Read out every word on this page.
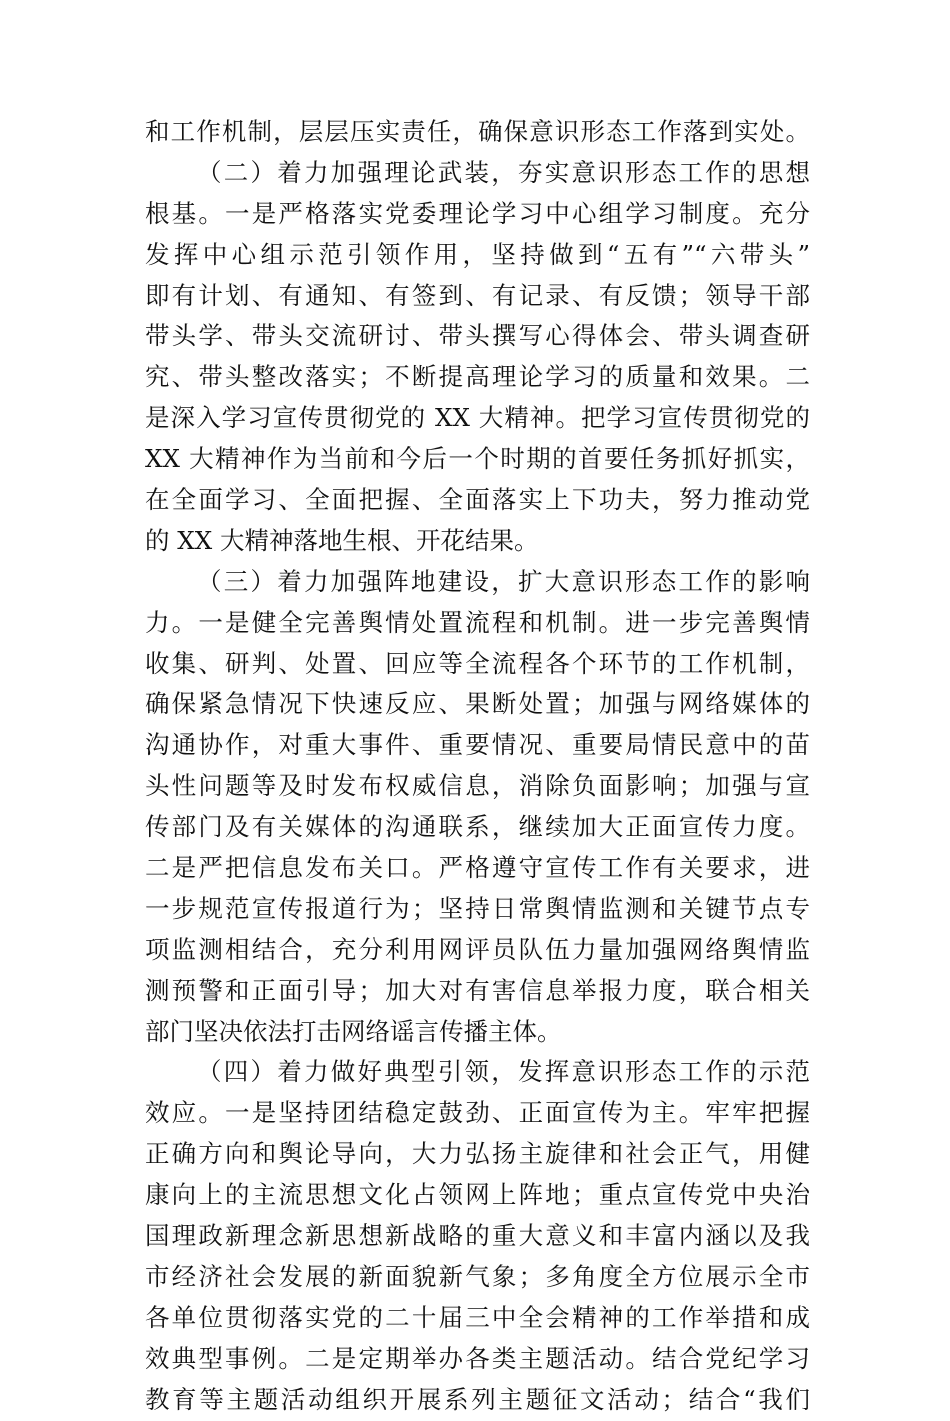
和工作机制，层层压实责任，确保意识形态工作落到实处。
（二）着力加强理论武装，夯实意识形态工作的思想
根基。一是严格落实党委理论学习中心组学习制度。充分
发挥中心组示范引领作用，坚持做到“五有”“六带头”
即有计划、有通知、有签到、有记录、有反馈；领导干部
带头学、带头交流研讨、带头撰写心得体会、带头调查研
究、带头整改落实；不断提高理论学习的质量和效果。二
是深入学习宣传贯彻党的 XX 大精神。把学习宣传贯彻党的
XX 大精神作为当前和今后一个时期的首要任务抓好抓实，
在全面学习、全面把握、全面落实上下功夫，努力推动党
的 XX 大精神落地生根、开花结果。
（三）着力加强阵地建设，扩大意识形态工作的影响
力。一是健全完善舆情处置流程和机制。进一步完善舆情
收集、研判、处置、回应等全流程各个环节的工作机制，
确保紧急情况下快速反应、果断处置；加强与网络媒体的
沟通协作，对重大事件、重要情况、重要局情民意中的苗
头性问题等及时发布权威信息，消除负面影响；加强与宣
传部门及有关媒体的沟通联系，继续加大正面宣传力度。
二是严把信息发布关口。严格遵守宣传工作有关要求，进
一步规范宣传报道行为；坚持日常舆情监测和关键节点专
项监测相结合，充分利用网评员队伍力量加强网络舆情监
测预警和正面引导；加大对有害信息举报力度，联合相关
部门坚决依法打击网络谣言传播主体。
（四）着力做好典型引领，发挥意识形态工作的示范
效应。一是坚持团结稳定鼓劲、正面宣传为主。牢牢把握
正确方向和舆论导向，大力弘扬主旋律和社会正气，用健
康向上的主流思想文化占领网上阵地；重点宣传党中央治
国理政新理念新思想新战略的重大意义和丰富内涵以及我
市经济社会发展的新面貌新气象；多角度全方位展示全市
各单位贯彻落实党的二十届三中全会精神的工作举措和成
效典型事例。二是定期举办各类主题活动。结合党纪学习
教育等主题活动组织开展系列主题征文活动；结合“我们
